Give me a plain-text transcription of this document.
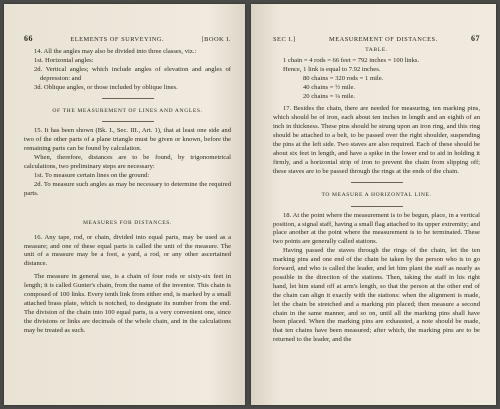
66	ELEMENTS OF SURVEYING.	[BOOK I.

14. All the angles may also be divided into three classes, viz.:

1st. Horizontal angles:

2d. Vertical angles; which include angles of elevation and angles of depression: and

3d. Oblique angles, or those included by oblique lines.

OF THE MEASUREMENT OF LINES AND ANGLES.

15. It has been shown (Bk. I., Sec. III., Art. 1), that at least one side and two of the other parts of a plane triangle must be given or known, before the remaining parts can be found by calculation.

When, therefore, distances are to be found, by trigonometrical calculations, two preliminary steps are necessary:

1st. To measure certain lines on the ground:

2d. To measure such angles as may be necessary to determine the required parts.

MEASURES FOR DISTANCES.

16. Any tape, rod, or chain, divided into equal parts, may be used as a measure; and one of these equal parts is called the unit of the measure. The unit of a measure may be a foot, a yard, a rod, or any other ascertained distance.

The measure in general use, is a chain of four rods or sixty-six feet in length; it is called Gunter's chain, from the name of the inventor. This chain is composed of 100 links. Every tenth link from either end, is marked by a small attached brass plate, which is notched, to designate its number from the end. The division of the chain into 100 equal parts, is a very convenient one, since the divisions or links are decimals of the whole chain, and in the calculations may be treated as such.

SEC I.]	MEASUREMENT OF DISTANCES.	67

TABLE.

1 chain = 4 rods = 66 feet = 792 inches = 100 links.

Hence, 1 link is equal to 7.92 inches.

80 chains = 320 rods = 1 mile.

40 chains = ½ mile.

20 chains = ¼ mile.

17. Besides the chain, there are needed for measuring, ten marking pins, which should be of iron, each about ten inches in length and an eighth of an inch in thickness. These pins should be strung upon an iron ring, and this ring should be attached to a belt, to be passed over the right shoulder, suspending the pins at the left side. Two staves are also required. Each of these should be about six feet in length, and have a spike in the lower end to aid in holding it firmly, and a horizontal strip of iron to prevent the chain from slipping off; these staves are to be passed through the rings at the ends of the chain.

TO MEASURE A HORIZONTAL LINE.

18. At the point where the measurement is to be begun, place, in a vertical position, a signal staff, having a small flag attached to its upper extremity; and place another at the point where the measurement is to be terminated. These two points are generally called stations.

Having passed the staves through the rings of the chain, let the ten marking pins and one end of the chain be taken by the person who is to go forward, and who is called the leader, and let him plant the staff as nearly as possible in the direction of the stations. Then, taking the staff in his right hand, let him stand off at arm's length, so that the person at the other end of the chain can align it exactly with the stations: when the alignment is made, let the chain be stretched and a marking pin placed; then measure a second chain in the same manner, and so on, until all the marking pins shall have been placed. When the marking pins are exhausted, a note should be made, that ten chains have been measured; after which, the marking pins are to be returned to the leader, and the
